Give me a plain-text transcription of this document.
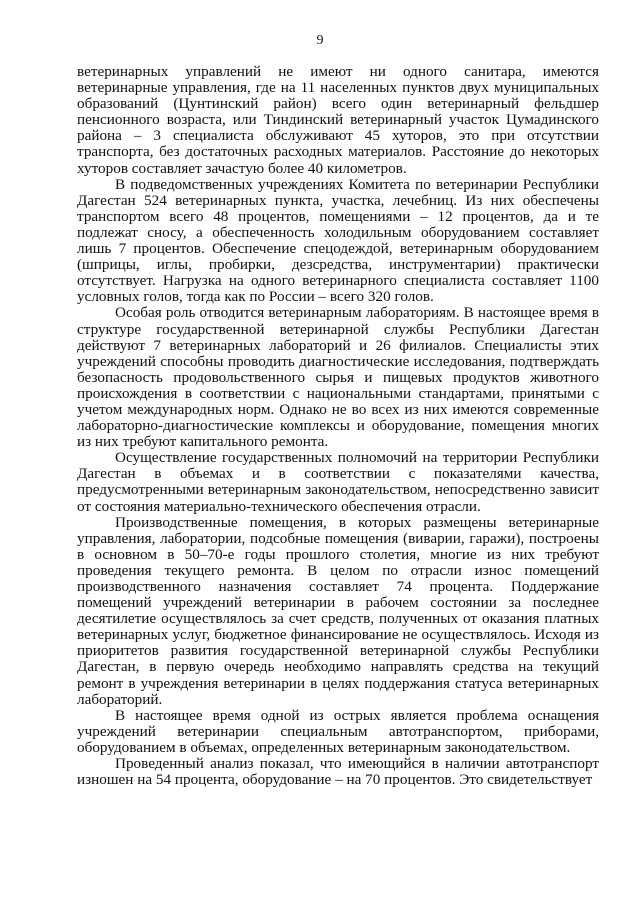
9

ветеринарных управлений не имеют ни одного санитара, имеются ветеринарные управления, где на 11 населенных пунктов двух муниципальных образований (Цунтинский район) всего один ветеринарный фельдшер пенсионного возраста, или Тиндинский ветеринарный участок Цумадинского района – 3 специалиста обслуживают 45 хуторов, это при отсутствии транспорта, без достаточных расходных материалов. Расстояние до некоторых хуторов составляет зачастую более 40 километров.

В подведомственных учреждениях Комитета по ветеринарии Республики Дагестан 524 ветеринарных пункта, участка, лечебниц. Из них обеспечены транспортом всего 48 процентов, помещениями – 12 процентов, да и те подлежат сносу, а обеспеченность холодильным оборудованием составляет лишь 7 процентов. Обеспечение спецодеждой, ветеринарным оборудованием (шприцы, иглы, пробирки, дезсредства, инструментарии) практически отсутствует. Нагрузка на одного ветеринарного специалиста составляет 1100 условных голов, тогда как по России – всего 320 голов.

Особая роль отводится ветеринарным лабораториям. В настоящее время в структуре государственной ветеринарной службы Республики Дагестан действуют 7 ветеринарных лабораторий и 26 филиалов. Специалисты этих учреждений способны проводить диагностические исследования, подтверждать безопасность продовольственного сырья и пищевых продуктов животного происхождения в соответствии с национальными стандартами, принятыми с учетом международных норм. Однако не во всех из них имеются современные лабораторно-диагностические комплексы и оборудование, помещения многих из них требуют капитального ремонта.

Осуществление государственных полномочий на территории Республики Дагестан в объемах и в соответствии с показателями качества, предусмотренными ветеринарным законодательством, непосредственно зависит от состояния материально-технического обеспечения отрасли.

Производственные помещения, в которых размещены ветеринарные управления, лаборатории, подсобные помещения (виварии, гаражи), построены в основном в 50–70-е годы прошлого столетия, многие из них требуют проведения текущего ремонта. В целом по отрасли износ помещений производственного назначения составляет 74 процента. Поддержание помещений учреждений ветеринарии в рабочем состоянии за последнее десятилетие осуществлялось за счет средств, полученных от оказания платных ветеринарных услуг, бюджетное финансирование не осуществлялось. Исходя из приоритетов развития государственной ветеринарной службы Республики Дагестан, в первую очередь необходимо направлять средства на текущий ремонт в учреждения ветеринарии в целях поддержания статуса ветеринарных лабораторий.

В настоящее время одной из острых является проблема оснащения учреждений ветеринарии специальным автотранспортом, приборами, оборудованием в объемах, определенных ветеринарным законодательством.

Проведенный анализ показал, что имеющийся в наличии автотранспорт изношен на 54 процента, оборудование – на 70 процентов. Это свидетельствует
